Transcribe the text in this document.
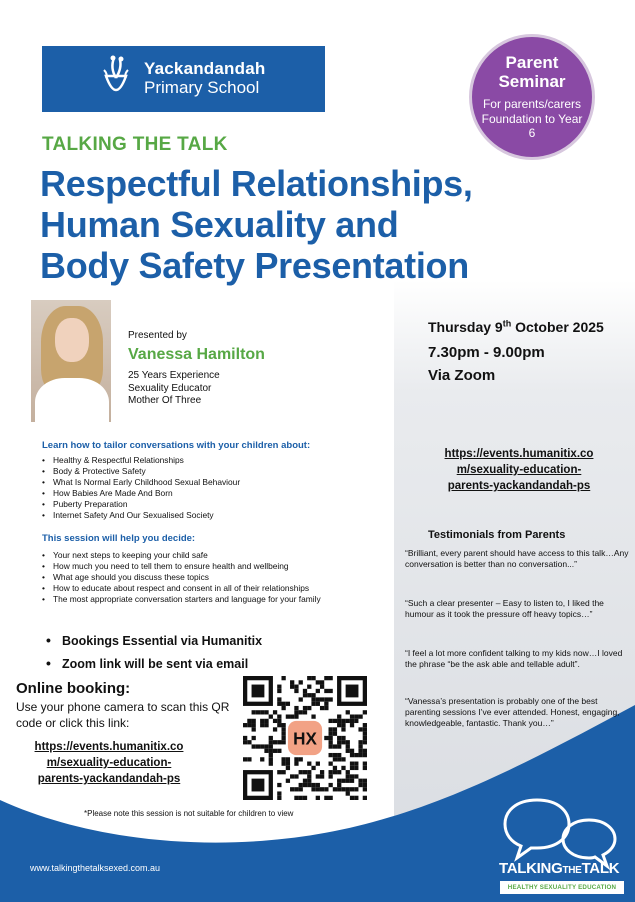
Yackandandah
Primary School
Parent
Seminar
For parents/carers Foundation to Year 6
TALKING THE TALK
Respectful Relationships,
Human Sexuality and
Body Safety Presentation
Presented by
Vanessa Hamilton
25 Years Experience
Sexuality Educator
Mother Of Three
Thursday 9th October 2025
7.30pm - 9.00pm
Via Zoom
https://events.humanitix.co
m/sexuality-education-
parents-yackandandah-ps
Learn how to tailor conversations with your children about:
• Healthy & Respectful Relationships
• Body & Protective Safety
• What Is Normal Early Childhood Sexual Behaviour
• How Babies Are Made And Born
• Puberty Preparation
• Internet Safety And Our Sexualised Society
This session will help you decide:
• Your next steps to keeping your child safe
• How much you need to tell them to ensure health and wellbeing
• What age should you discuss these topics
• How to educate about respect and consent in all of their relationships
• The most appropriate conversation starters and language for your family
• Bookings Essential via Humanitix
• Zoom link will be sent via email
Online booking:
Use your phone camera to scan this QR code or click this link:
https://events.humanitix.co
m/sexuality-education-
parents-yackandandah-ps
HX
*Please note this session is not suitable for children to view
Testimonials from Parents
“Brilliant, every parent should have access to this talk…Any conversation is better than no conversation...”
“Such a clear presenter – Easy to listen to, I liked the humour as it took the pressure off heavy topics…”
“I feel a lot more confident talking to my kids now…I loved the phrase “be the ask able and tellable adult”.
“Vanessa’s presentation is probably one of the best parenting sessions I’ve ever attended. Honest, engaging, knowledgeable, fantastic. Thank you…”
www.talkingthetalksexed.com.au	TALKINGTHETALK
HEALTHY SEXUALITY EDUCATION
